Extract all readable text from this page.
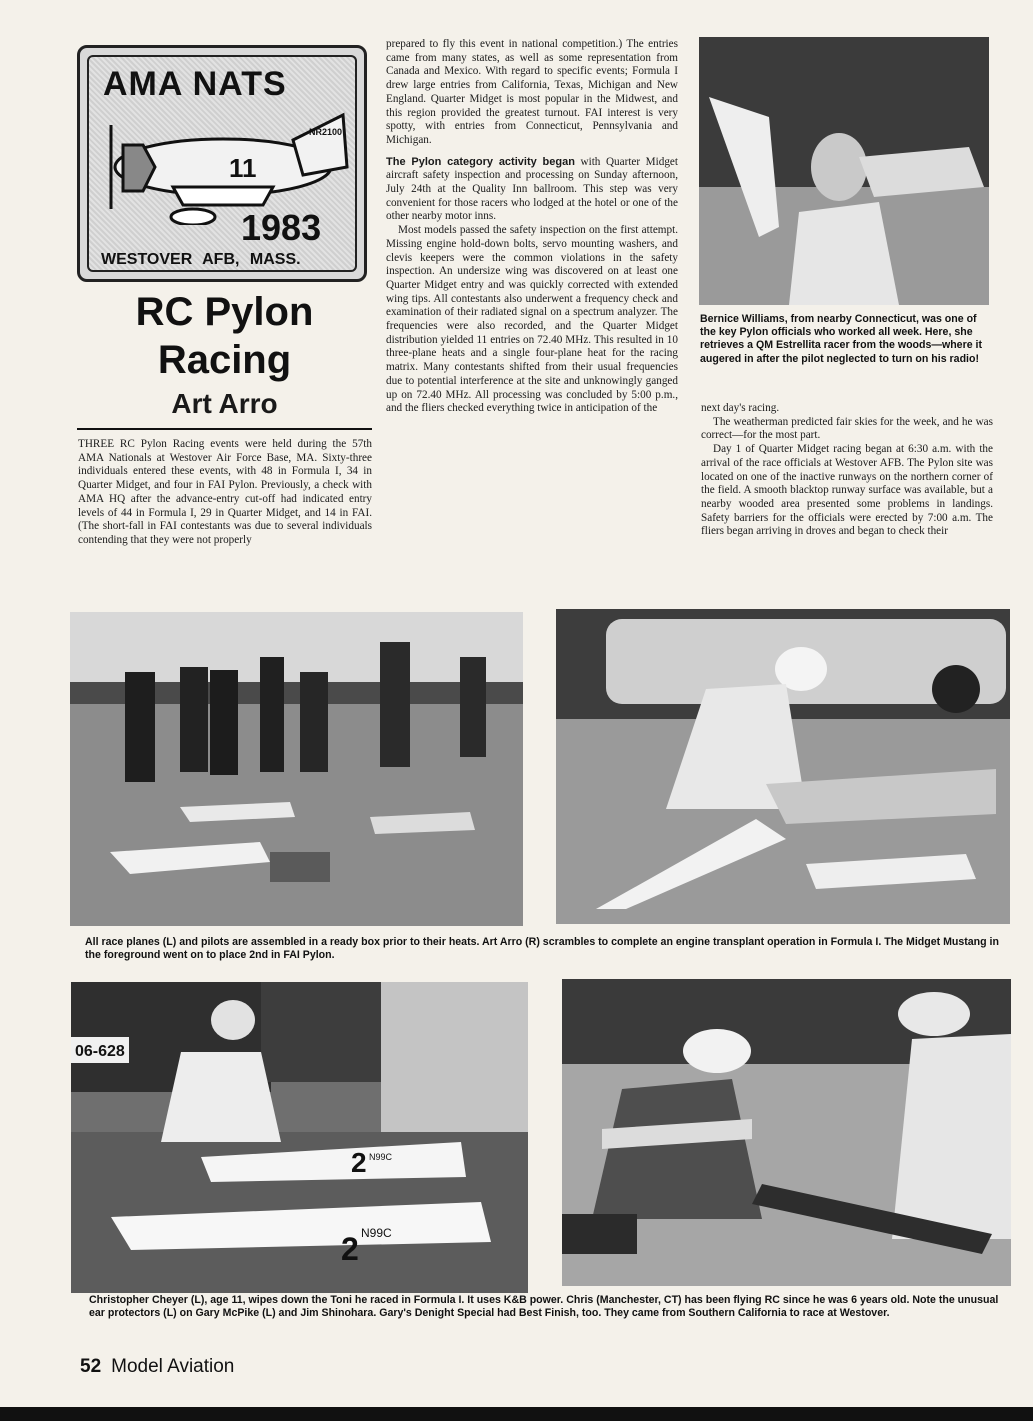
AMA NATS
NR2100
11
1983
WESTOVER AFB, MASS.
RC Pylon
Racing
Art Arro

THREE RC Pylon Racing events were held during the 57th AMA Nationals at Westover Air Force Base, MA. Sixty-three individuals entered these events, with 48 in Formula I, 34 in Quarter Midget, and four in FAI Pylon. Previously, a check with AMA HQ after the advance-entry cut-off had indicated entry levels of 44 in Formula I, 29 in Quarter Midget, and 14 in FAI. (The short-fall in FAI contestants was due to several individuals contending that they were not properly

prepared to fly this event in national competition.) The entries came from many states, as well as some representation from Canada and Mexico. With regard to specific events; Formula I drew large entries from California, Texas, Michigan and New England. Quarter Midget is most popular in the Midwest, and this region provided the greatest turnout. FAI interest is very spotty, with entries from Connecticut, Pennsylvania and Michigan.

The Pylon category activity began with Quarter Midget aircraft safety inspection and processing on Sunday afternoon, July 24th at the Quality Inn ballroom. This step was very convenient for those racers who lodged at the hotel or one of the other nearby motor inns.

Most models passed the safety inspection on the first attempt. Missing engine hold-down bolts, servo mounting washers, and clevis keepers were the common violations in the safety inspection. An undersize wing was discovered on at least one Quarter Midget entry and was quickly corrected with extended wing tips. All contestants also underwent a frequency check and examination of their radiated signal on a spectrum analyzer. The frequencies were also recorded, and the Quarter Midget distribution yielded 11 entries on 72.40 MHz. This resulted in 10 three-plane heats and a single four-plane heat for the racing matrix. Many contestants shifted from their usual frequencies due to potential interference at the site and unknowingly ganged up on 72.40 MHz. All processing was concluded by 5:00 p.m., and the fliers checked everything twice in anticipation of the

Bernice Williams, from nearby Connecticut, was one of the key Pylon officials who worked all week. Here, she retrieves a QM Estrellita racer from the woods—where it augered in after the pilot neglected to turn on his radio!

next day's racing.

The weatherman predicted fair skies for the week, and he was correct—for the most part.

Day 1 of Quarter Midget racing began at 6:30 a.m. with the arrival of the race officials at Westover AFB. The Pylon site was located on one of the inactive runways on the northern corner of the field. A smooth blacktop runway surface was available, but a nearby wooded area presented some problems in landings. Safety barriers for the officials were erected by 7:00 a.m. The fliers began arriving in droves and began to check their

All race planes (L) and pilots are assembled in a ready box prior to their heats. Art Arro (R) scrambles to complete an engine transplant operation in Formula I. The Midget Mustang in the foreground went on to place 2nd in FAI Pylon.
06-628
2 N99C
2 N99C
Christopher Cheyer (L), age 11, wipes down the Toni he raced in Formula I. It uses K&B power. Chris (Manchester, CT) has been flying RC since he was 6 years old. Note the unusual ear protectors (L) on Gary McPike (L) and Jim Shinohara. Gary's Denight Special had Best Finish, too. They came from Southern California to race at Westover.
52 Model Aviation
